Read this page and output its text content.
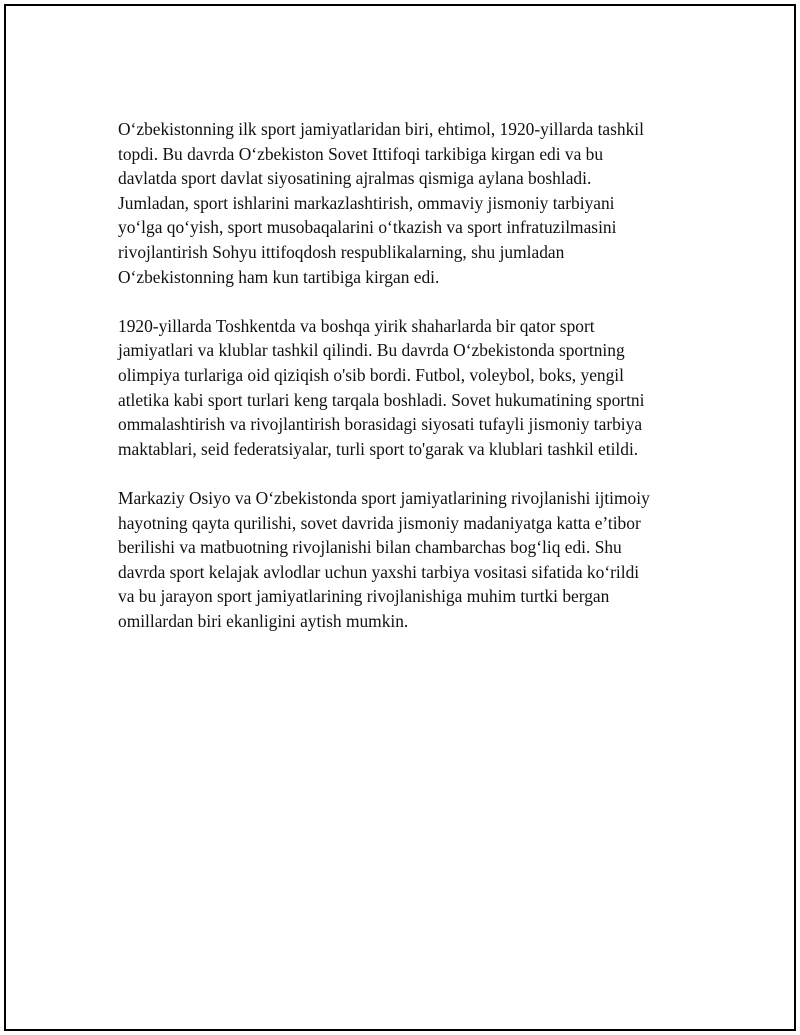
O‘zbekistonning ilk sport jamiyatlaridan biri, ehtimol, 1920-yillarda tashkil
topdi. Bu davrda O‘zbekiston Sovet Ittifoqi tarkibiga kirgan edi va bu
davlatda sport davlat siyosatining ajralmas qismiga aylana boshladi.
Jumladan, sport ishlarini markazlashtirish, ommaviy jismoniy tarbiyani
yo‘lga qo‘yish, sport musobaqalarini o‘tkazish va sport infratuzilmasini
rivojlantirish Sohyu ittifoqdosh respublikalarning, shu jumladan
O‘zbekistonning ham kun tartibiga kirgan edi.
1920-yillarda Toshkentda va boshqa yirik shaharlarda bir qator sport
jamiyatlari va klublar tashkil qilindi. Bu davrda O‘zbekistonda sportning
olimpiya turlariga oid qiziqish o'sib bordi. Futbol, voleybol, boks, yengil
atletika kabi sport turlari keng tarqala boshladi. Sovet hukumatining sportni
ommalashtirish va rivojlantirish borasidagi siyosati tufayli jismoniy tarbiya
maktablari, seid federatsiyalar, turli sport to'garak va klublari tashkil etildi.
Markaziy Osiyo va O‘zbekistonda sport jamiyatlarining rivojlanishi ijtimoiy
hayotning qayta qurilishi, sovet davrida jismoniy madaniyatga katta e’tibor
berilishi va matbuotning rivojlanishi bilan chambarchas bog‘liq edi. Shu
davrda sport kelajak avlodlar uchun yaxshi tarbiya vositasi sifatida ko‘rildi
va bu jarayon sport jamiyatlarining rivojlanishiga muhim turtki bergan
omillardan biri ekanligini aytish mumkin.
